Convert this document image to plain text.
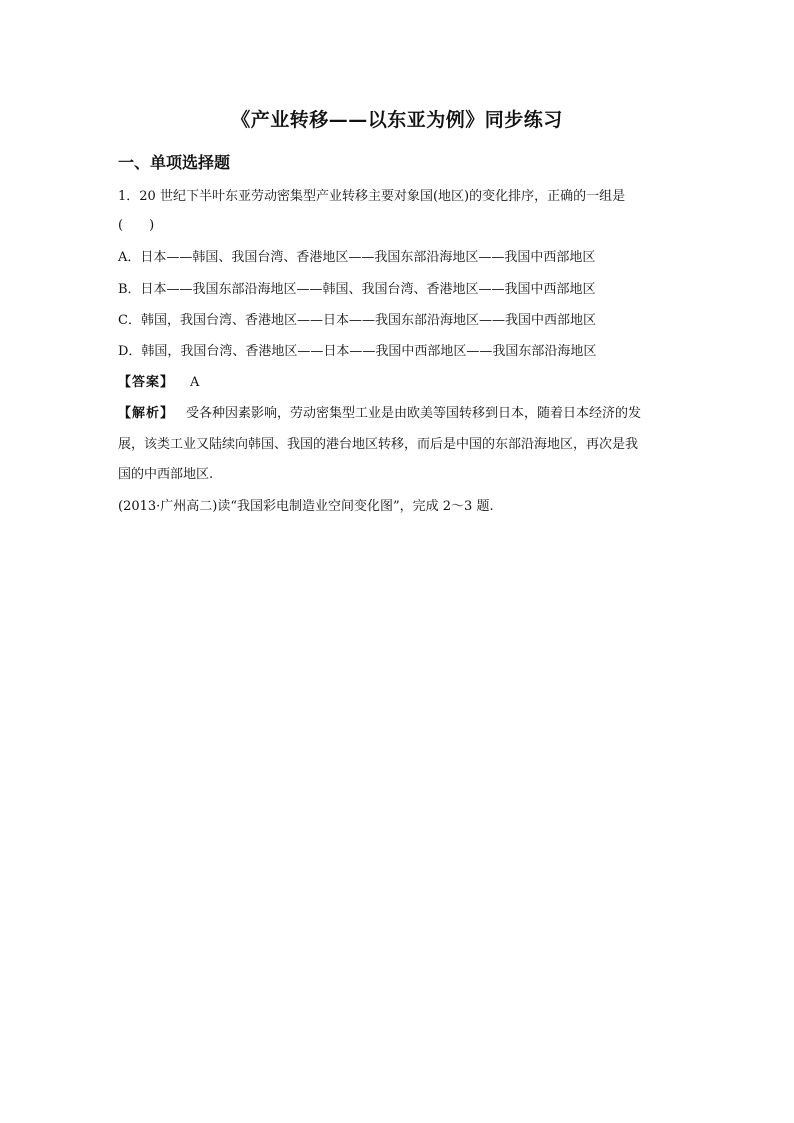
《产业转移——以东亚为例》同步练习
一、单项选择题
1．20 世纪下半叶东亚劳动密集型产业转移主要对象国(地区)的变化排序，正确的一组是
(　　)
A．日本——韩国、我国台湾、香港地区——我国东部沿海地区——我国中西部地区
B．日本——我国东部沿海地区——韩国、我国台湾、香港地区——我国中西部地区
C．韩国，我国台湾、香港地区——日本——我国东部沿海地区——我国中西部地区
D．韩国，我国台湾、香港地区——日本——我国中西部地区——我国东部沿海地区
【答案】 A
【解析】 受各种因素影响，劳动密集型工业是由欧美等国转移到日本，随着日本经济的发
展，该类工业又陆续向韩国、我国的港台地区转移，而后是中国的东部沿海地区，再次是我
国的中西部地区.
(2013·广州高二)读“我国彩电制造业空间变化图”，完成 2～3 题.
